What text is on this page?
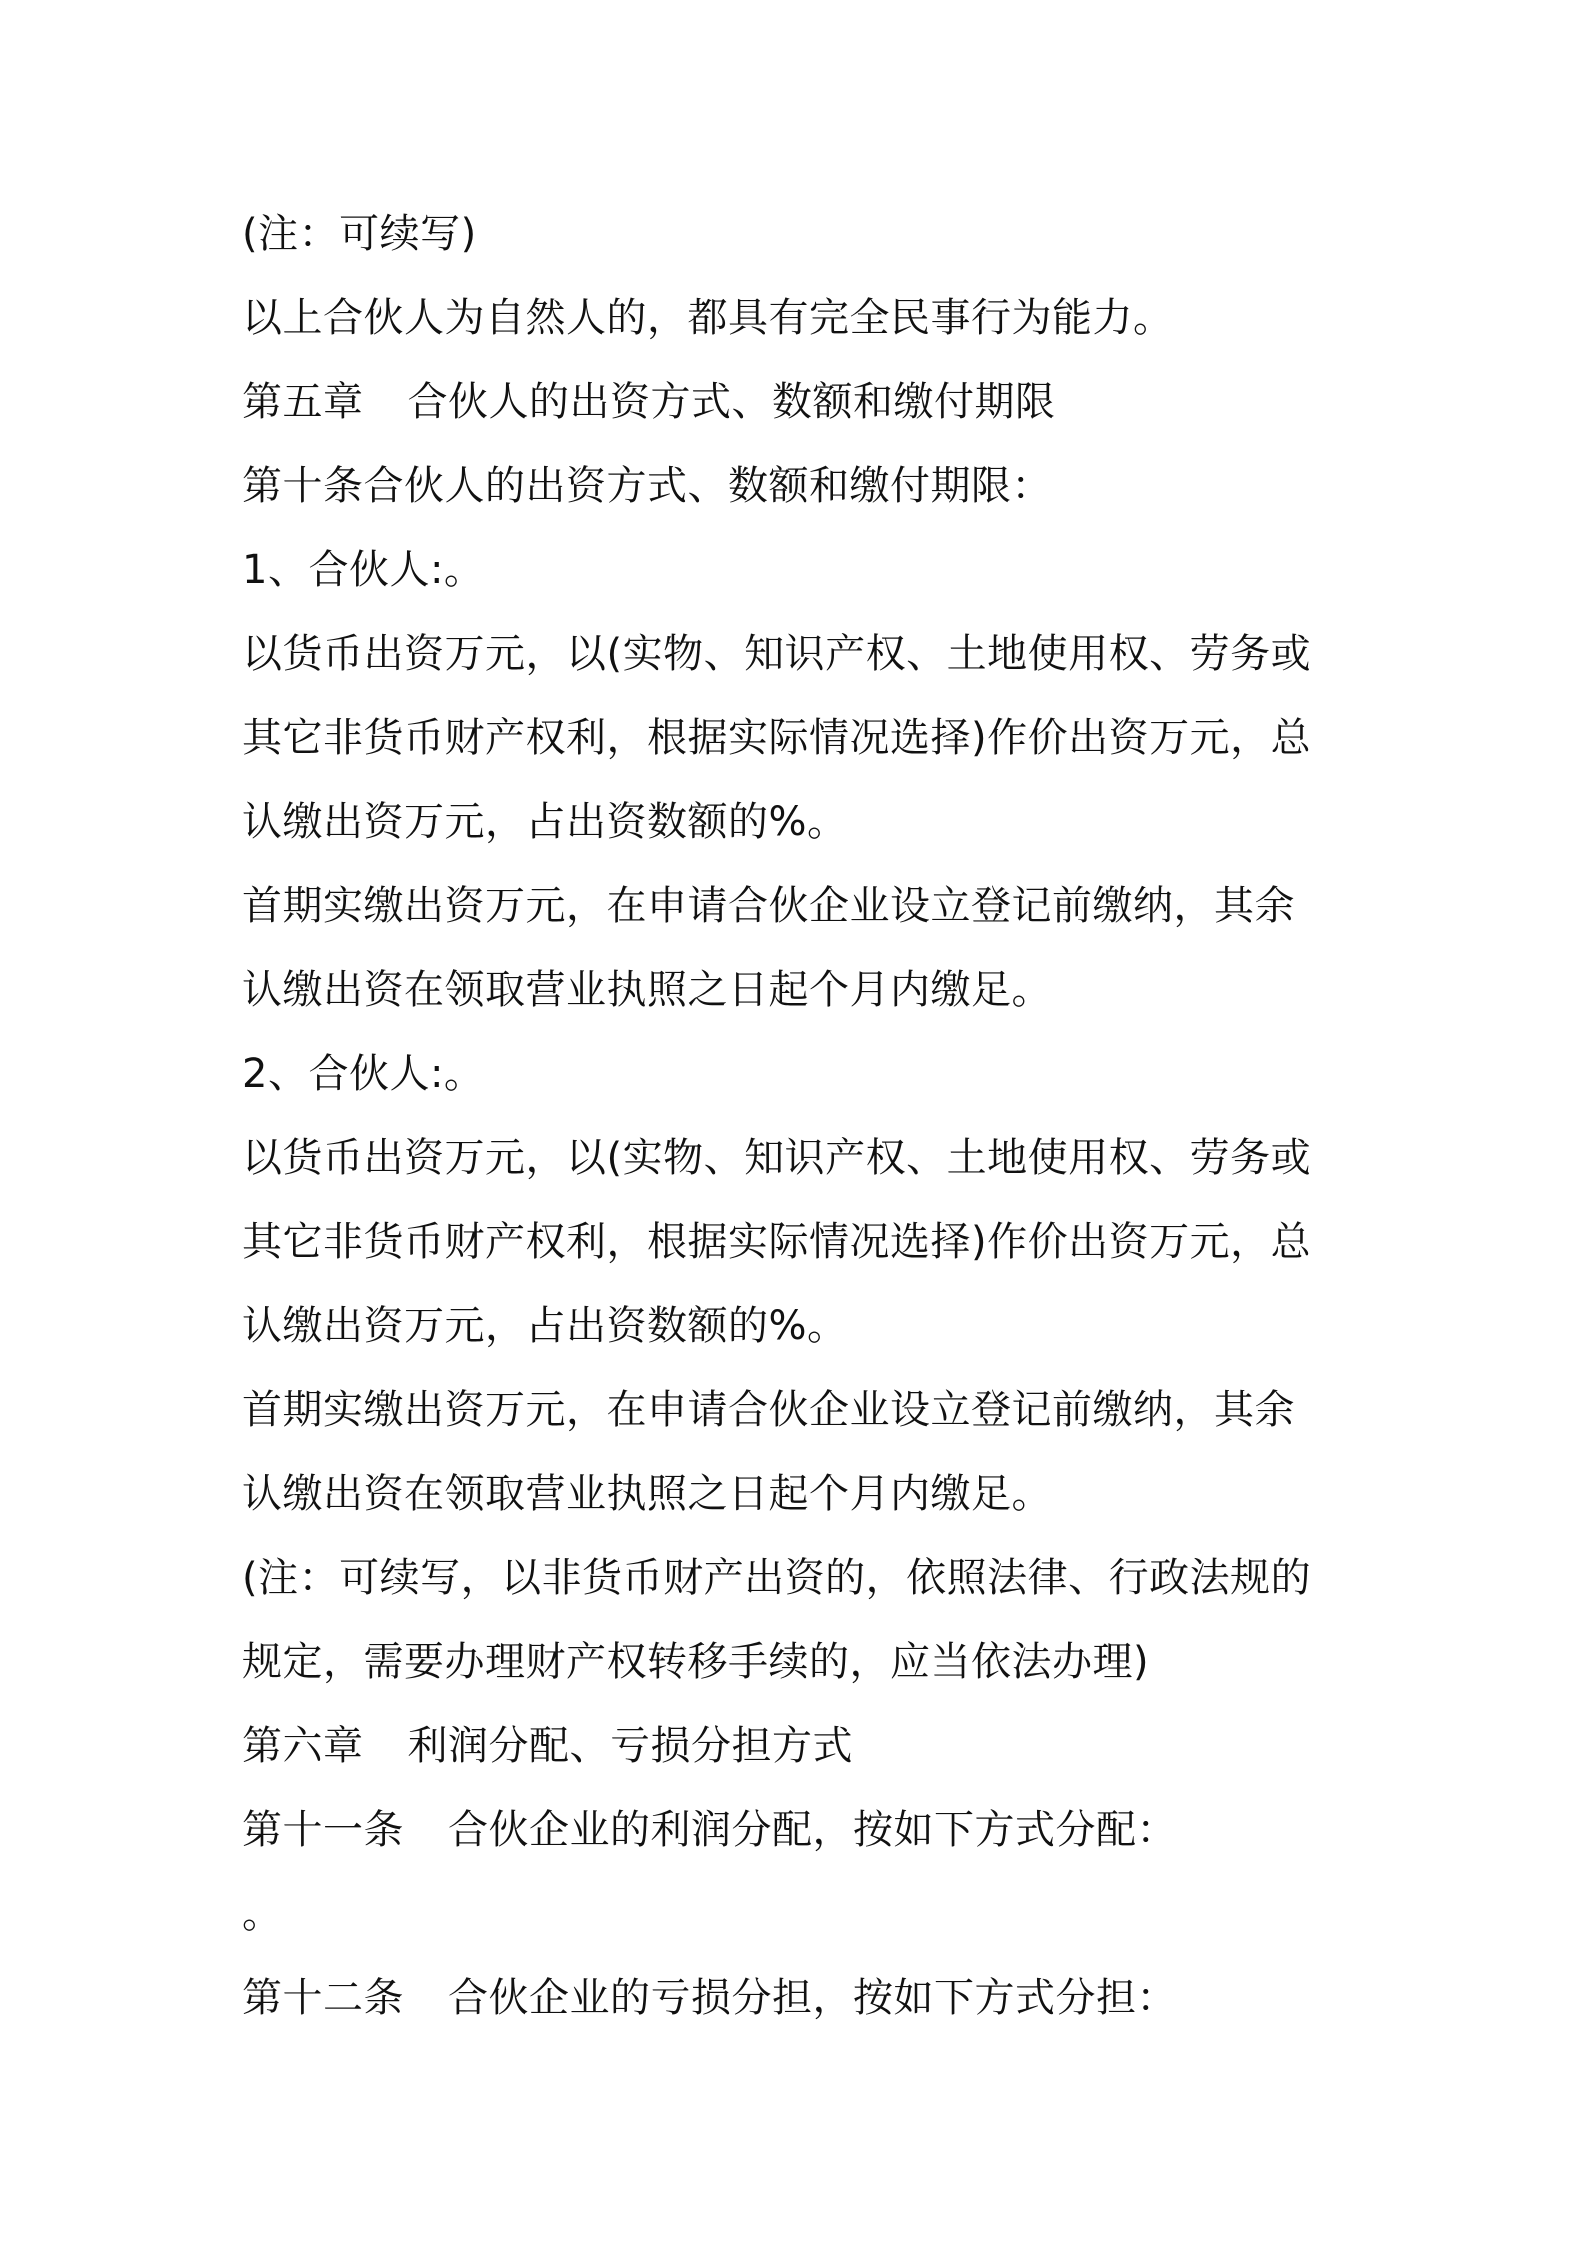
(注：可续写)
以上合伙人为自然人的，都具有完全民事行为能力。
第五章 合伙人的出资方式、数额和缴付期限
第十条合伙人的出资方式、数额和缴付期限：
1、合伙人:。
以货币出资万元，以(实物、知识产权、土地使用权、劳务或
其它非货币财产权利，根据实际情况选择)作价出资万元，总
认缴出资万元，占出资数额的%。
首期实缴出资万元，在申请合伙企业设立登记前缴纳，其余
认缴出资在领取营业执照之日起个月内缴足。
2、合伙人:。
以货币出资万元，以(实物、知识产权、土地使用权、劳务或
其它非货币财产权利，根据实际情况选择)作价出资万元，总
认缴出资万元，占出资数额的%。
首期实缴出资万元，在申请合伙企业设立登记前缴纳，其余
认缴出资在领取营业执照之日起个月内缴足。
(注：可续写，以非货币财产出资的，依照法律、行政法规的
规定，需要办理财产权转移手续的，应当依法办理)
第六章 利润分配、亏损分担方式
第十一条 合伙企业的利润分配，按如下方式分配：
。
第十二条 合伙企业的亏损分担，按如下方式分担：
